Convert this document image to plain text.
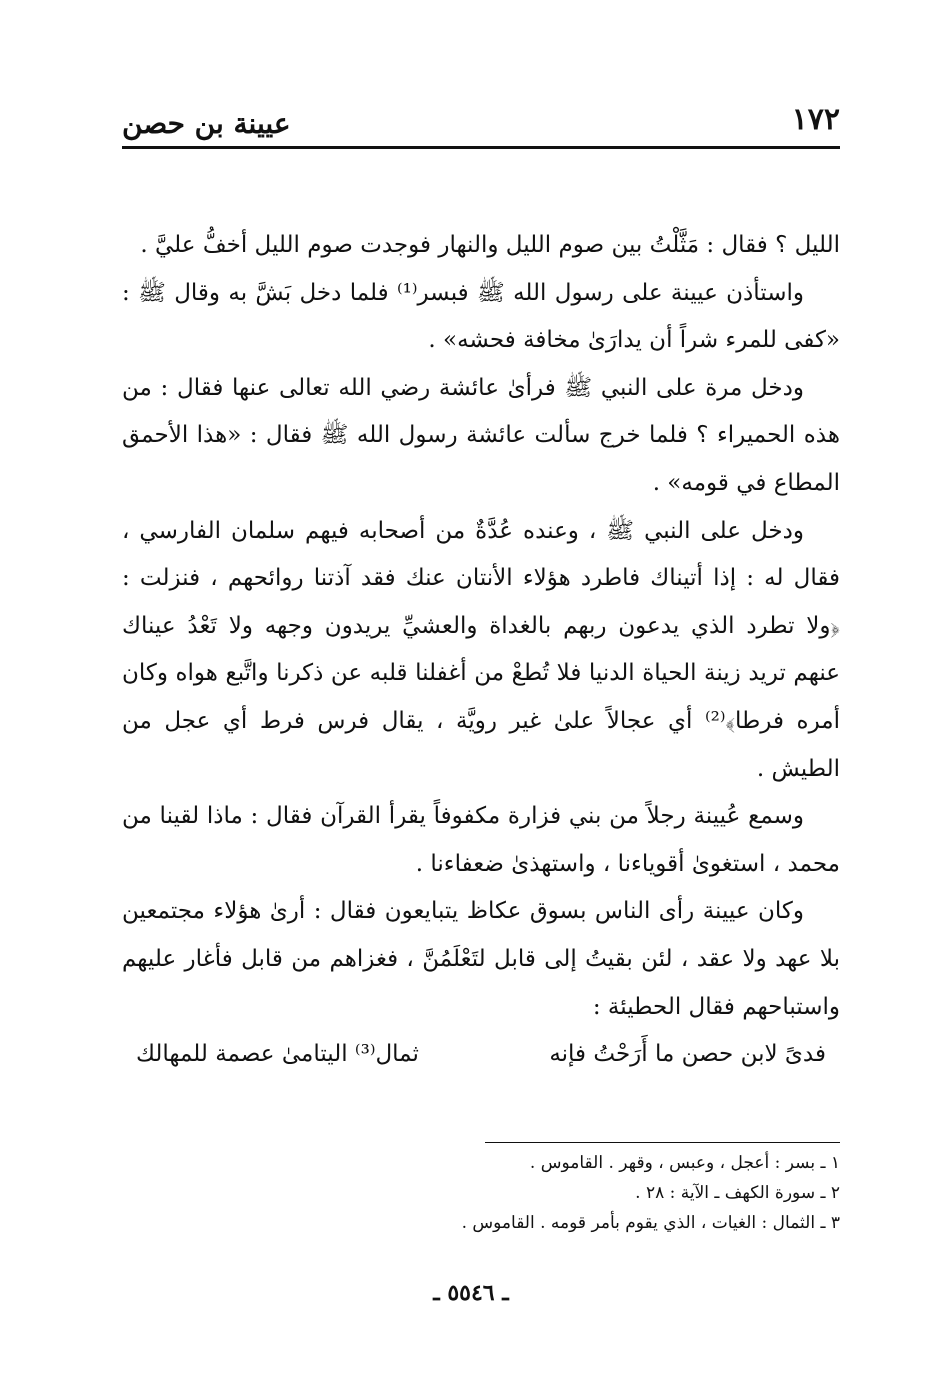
١٧٢
عيينة بن حصن

الليل ؟ فقال : مَثَّلْتُ بين صوم الليل والنهار فوجدت صوم الليل أخفُّ عليَّ .

واستأذن عيينة على رسول الله ﷺ فبسر⁽¹⁾ فلما دخل بَشَّ به وقال ﷺ : «كفى للمرء شراً أن يدارَىٰ مخافة فحشه» .

ودخل مرة على النبي ﷺ فرأىٰ عائشة رضي الله تعالى عنها فقال : من هذه الحميراء ؟ فلما خرج سألت عائشة رسول الله ﷺ فقال : «هذا الأحمق المطاع في قومه» .

ودخل على النبي ﷺ ، وعنده عُدَّةٌ من أصحابه فيهم سلمان الفارسي ، فقال له : إذا أتيناك فاطرد هؤلاء الأنتان عنك فقد آذتنا روائحهم ، فنزلت : ﴿ولا تطرد الذي يدعون ربهم بالغداة والعشيِّ يريدون وجهه ولا تَعْدُ عيناك عنهم تريد زينة الحياة الدنيا فلا تُطعْ من أغفلنا قلبه عن ذكرنا واتَّبع هواه وكان أمره فرطا﴾⁽²⁾ أي عجالاً علىٰ غير رويَّة ، يقال فرس فرط أي عجل من الطيش .

وسمع عُيينة رجلاً من بني فزارة مكفوفاً يقرأ القرآن فقال : ماذا لقينا من محمد ، استغوىٰ أقوياءنا ، واستهذىٰ ضعفاءنا .

وكان عيينة رأى الناس بسوق عكاظ يتبايعون فقال : أرىٰ هؤلاء مجتمعين بلا عهد ولا عقد ، لئن بقيتُ إلى قابل لتَعْلَمُنَّ ، فغزاهم من قابل فأغار عليهم واستباحهم فقال الحطيئة :

فدىً لابن حصن ما أَرَحْتُ فإنه
ثمال⁽³⁾ اليتامىٰ عصمة للمهالك
١ ـ بسر : أعجل ، وعبس ، وقهر . القاموس .
٢ ـ سورة الكهف ـ الآية : ٢٨ .
٣ ـ الثمال : الغيات ، الذي يقوم بأمر قومه . القاموس .
ـ ٥٥٤٦ ـ
